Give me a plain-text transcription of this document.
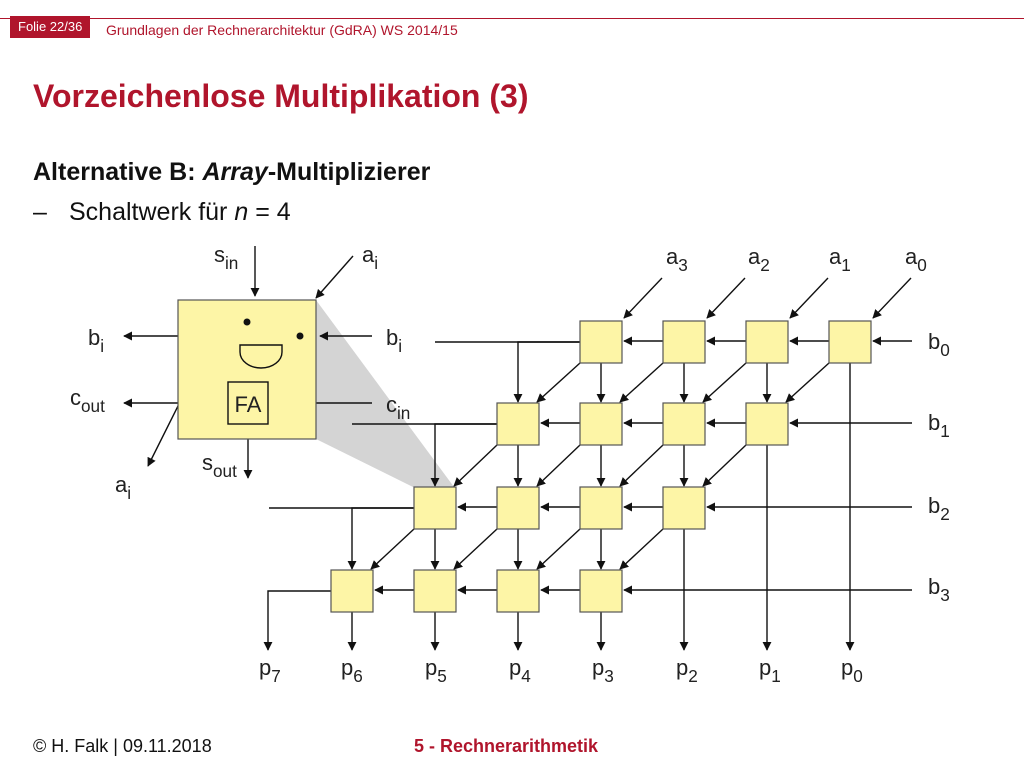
Folie 22/36	Grundlagen der Rechnerarchitektur (GdRA) WS 2014/15
Vorzeichenlose Multiplikation (3)
Alternative B: Array-Multiplizierer
– Schaltwerk für n = 4
FA
$s_{in}$	$a_i$
$b_i$	$b_i$
$c_{out}$	$c_{in}$
$s_{out}$
$a_i$
$a_3$	$a_2$	$a_1$ $a_0$
$b_0$
$b_1$
$b_2$
$b_3$
$p_7$	$p_6$	$p_5$	$p_4$	$p_3$	$p_2$	$p_1$	$p_0$
© H. Falk | 09.11.2018	5 - Rechnerarithmetik
